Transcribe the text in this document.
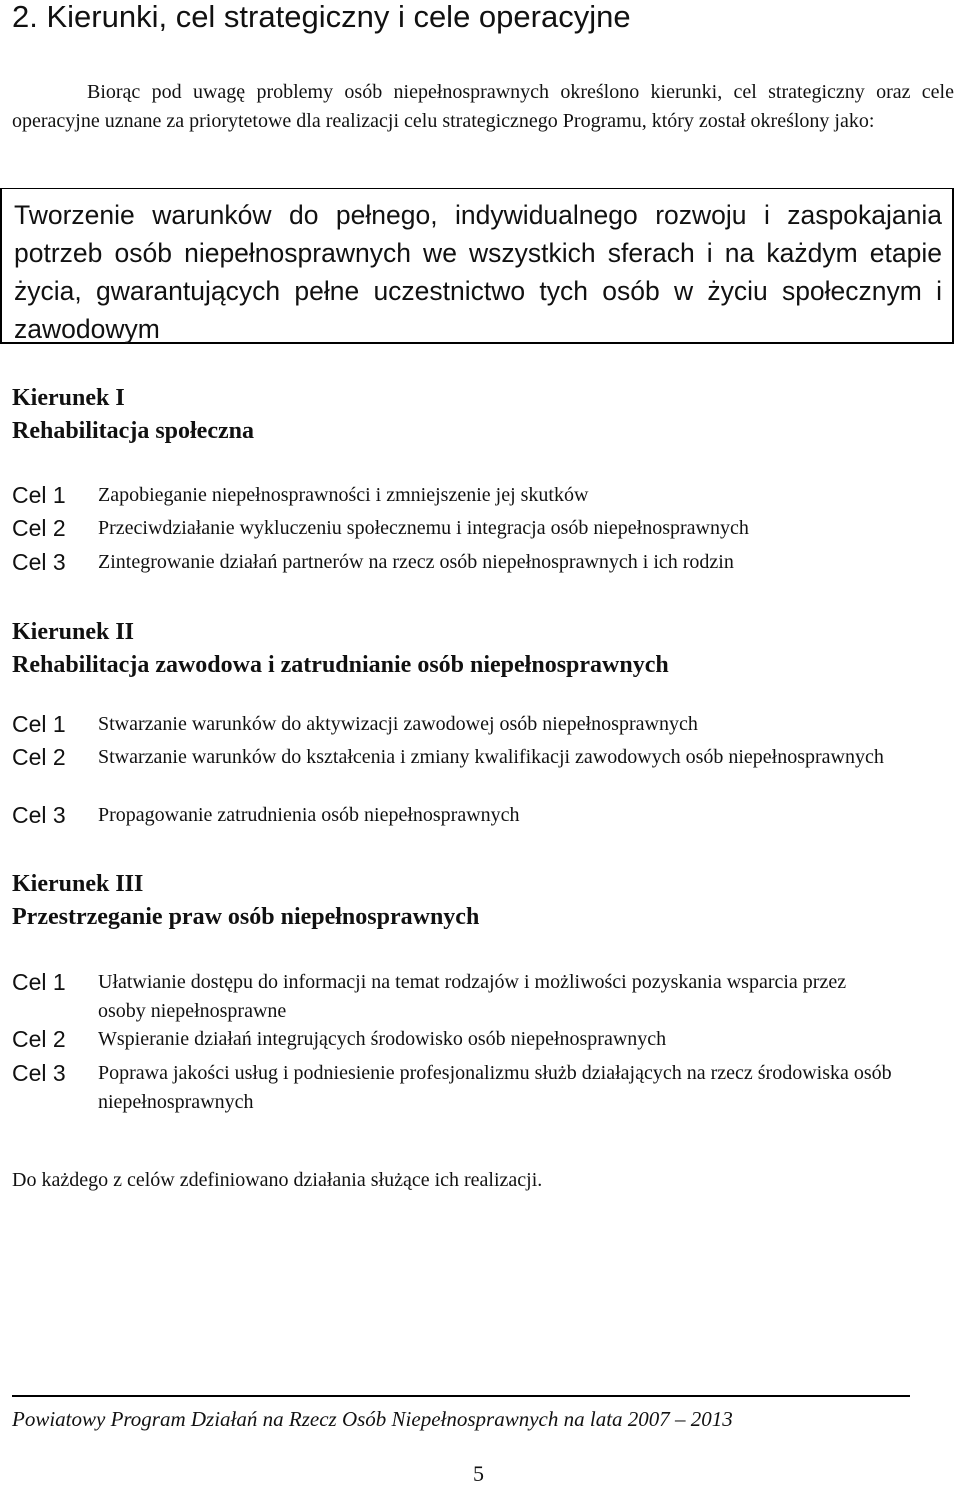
2. Kierunki, cel strategiczny i cele operacyjne

Biorąc pod uwagę problemy osób niepełnosprawnych określono kierunki, cel strategiczny oraz cele operacyjne uznane za priorytetowe dla realizacji celu strategicznego Programu, który został określony jako:

Tworzenie warunków do pełnego, indywidualnego rozwoju i zaspokajania potrzeb osób niepełnosprawnych we wszystkich sferach i na każdym etapie życia, gwarantujących pełne uczestnictwo tych osób w życiu społecznym i zawodowym

Kierunek I
Rehabilitacja społeczna
Cel 1 Zapobieganie niepełnosprawności i zmniejszenie jej skutków
Cel 2 Przeciwdziałanie wykluczeniu społecznemu i integracja osób niepełnosprawnych
Cel 3 Zintegrowanie działań partnerów na rzecz osób niepełnosprawnych i ich rodzin
Kierunek II
Rehabilitacja zawodowa i zatrudnianie osób niepełnosprawnych
Cel 1 Stwarzanie warunków do aktywizacji zawodowej osób niepełnosprawnych
Cel 2 Stwarzanie warunków do kształcenia i zmiany kwalifikacji zawodowych osób niepełnosprawnych
Cel 3 Propagowanie zatrudnienia osób niepełnosprawnych
Kierunek III
Przestrzeganie praw osób niepełnosprawnych
Cel 1 Ułatwianie dostępu do informacji na temat rodzajów i możliwości pozyskania wsparcia przez osoby niepełnosprawne
Cel 2 Wspieranie działań integrujących środowisko osób niepełnosprawnych
Cel 3 Poprawa jakości usług i podniesienie profesjonalizmu służb działających na rzecz środowiska osób niepełnosprawnych
Do każdego z celów zdefiniowano działania służące ich realizacji.
Powiatowy Program Działań na Rzecz Osób Niepełnosprawnych na lata 2007 – 2013
5
